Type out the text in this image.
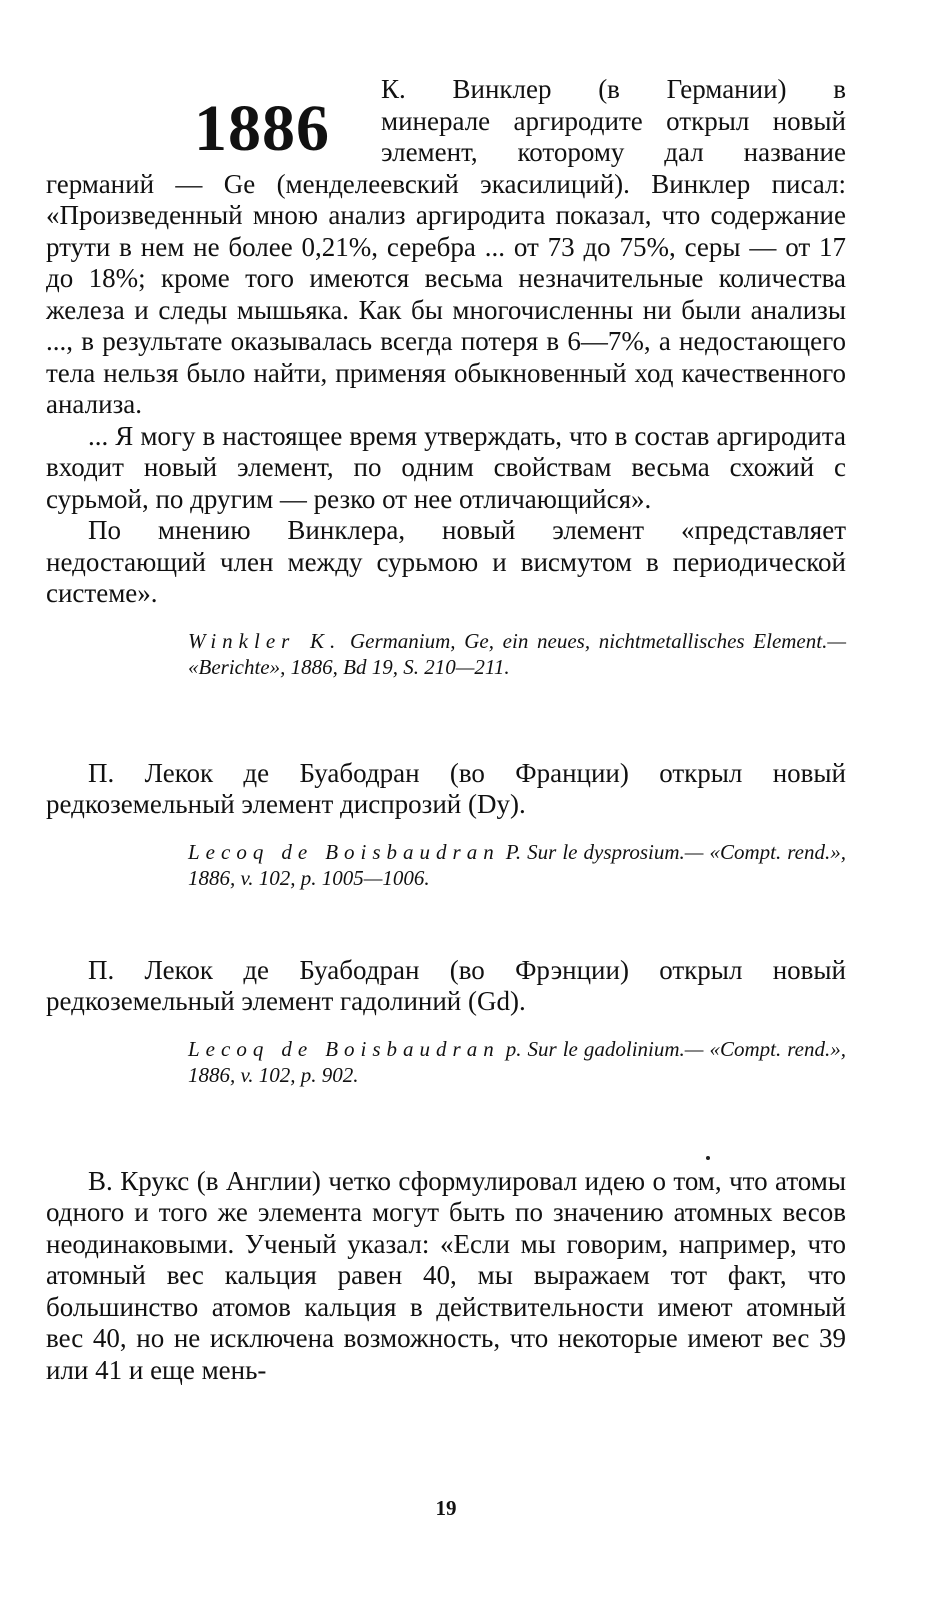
1886
К. Винклер (в Германии) в
минерале аргиродите открыл новый
элемент, которому дал название

германий — Ge (менделеевский экасилиций). Винклер писал: «Произведенный мною анализ аргиродита показал, что содержание ртути в нем не более 0,21%, серебра ... от 73 до 75%, серы — от 17 до 18%; кроме того имеются весьма незначительные количества железа и следы мышьяка. Как бы многочисленны ни были анализы ..., в результате оказывалась всегда потеря в 6—7%, а недостающего тела нельзя было найти, применяя обыкновенный ход качественного анализа.

... Я могу в настоящее время утверждать, что в состав аргиродита входит новый элемент, по одним свойствам весьма схожий с сурьмой, по другим — резко от нее отличающийся».

По мнению Винклера, новый элемент «представляет недостающий член между сурьмою и висмутом в периодической системе».

Winkler K. Germanium, Ge, ein neues, nichtmetallisches Element.— «Berichte», 1886, Bd 19, S. 210—211.

П. Лекок де Буабодран (во Франции) открыл новый редкоземельный элемент диспрозий (Dy).

Lecoq de Boisbaudran P. Sur le dysprosium.— «Compt. rend.», 1886, v. 102, p. 1005—1006.

П. Лекок де Буабодран (во Фрэнции) открыл новый редкоземельный элемент гадолиний (Gd).

Lecoq de Boisbaudran p. Sur le gadolinium.— «Compt. rend.», 1886, v. 102, p. 902.

В. Крукс (в Англии) четко сформулировал идею о том, что атомы одного и того же элемента могут быть по значению атомных весов неодинаковыми. Ученый указал: «Если мы говорим, например, что атомный вес кальция равен 40, мы выражаем тот факт, что большинство атомов кальция в действительности имеют атомный вес 40, но не исключена возможность, что некоторые имеют вес 39 или 41 и еще мень-

19
